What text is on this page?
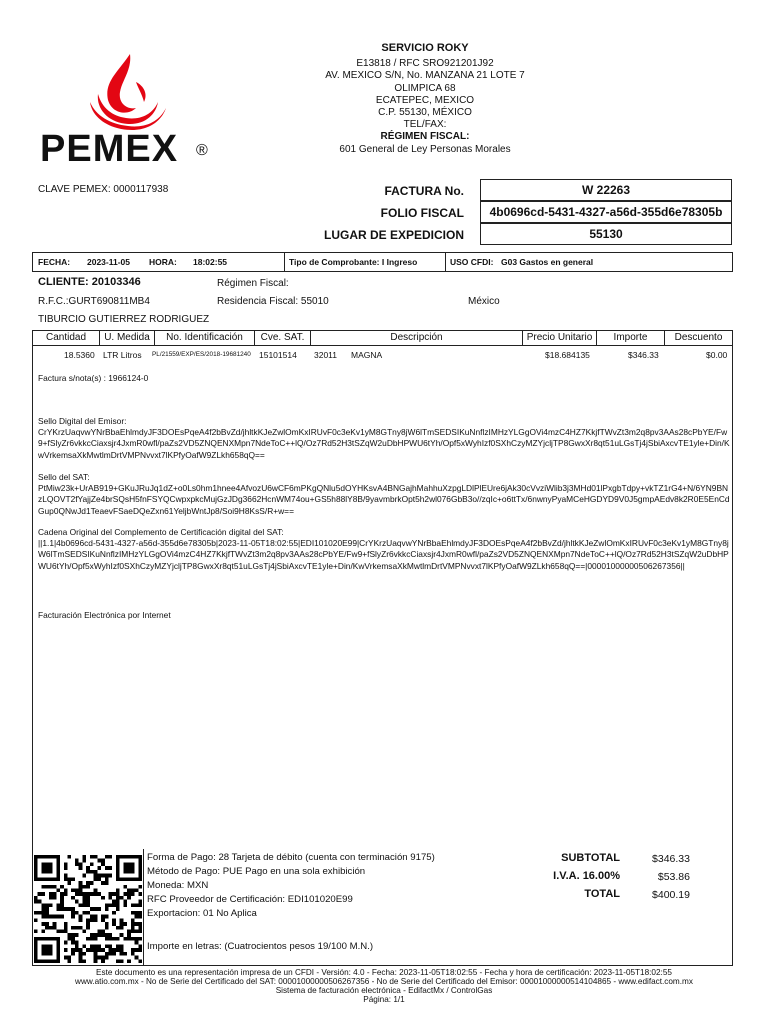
PEMEX ®
SERVICIO ROKY
E13818 / RFC SRO921201J92
AV. MEXICO S/N, No. MANZANA 21 LOTE 7
OLIMPICA 68
ECATEPEC, MEXICO
C.P. 55130, MÉXICO
TEL/FAX:
RÉGIMEN FISCAL:
601 General de Ley Personas Morales
CLAVE PEMEX: 0000117938	FACTURA No.	W 22263
FOLIO FISCAL	4b0696cd-5431-4327-a56d-355d6e78305b
LUGAR DE EXPEDICION	55130
FECHA: 2023-11-05 HORA: 18:02:55	Tipo de Comprobante: I Ingreso	USO CFDI: G03 Gastos en general
CLIENTE: 20103346	Régimen Fiscal:
R.F.C.:GURT690811MB4	Residencia Fiscal: 55010	México
TIBURCIO GUTIERREZ RODRIGUEZ
Cantidad	U. Medida	No. Identificación	Cve. SAT.	Descripción	Precio Unitario	Importe	Descuento
18.5360 LTR Litros PL/21559/EXP/ES/2018-19681240 15101514 32011 MAGNA	$18.684135	$346.33	$0.00
Factura s/nota(s) : 1966124-0
Sello Digital del Emisor:
CrYKrzUaqvwYNrBbaEhlmdyJF3DOEsPqeA4f2bBvZd/jhltkKJeZwlOmKxIRUvF0c3eKv1yM8GTny8jW6lTmSEDSIKuNnflzIMHzYLGgOVi4mzC4HZ7KkjfTWvZt3m2q8pv3AAs28cPbYE/Fw9+fSlyZr6vkkcCiaxsjr4JxmR0wfl/paZs2VD5ZNQENXMpn7NdeToC++lQ/Oz7Rd52H3tSZqW2uDbHPWU6tYh/Opf5xWyhIzf0SXhCzyMZYjcljTP8GwxXr8qt51uLGsTj4jSbiAxcvTE1yle+Din/KwVrkemsaXkMwtlmDrtVMPNvvxt7lKPfyOafW9ZLkh658qQ==
Sello del SAT:
PtMiw23k+UrAB919+GKuJRuJq1dZ+o0Ls0hm1hnee4AfvozU6wCF6mPKgQNlu5dOYHKsvA4BNGajhMahhuXzpgLDlPlEUre6jAk30cVvziWlib3j3MHd01lPxgbTdpy+vkTZ1rG4+N/6YN9BNzLQOVT2fYajjZe4brSQsH5fnFSYQCwpxpkcMujGzJDg3662HcnWM74ou+GS5h88lY8B/9yavmbrkOpt5h2wl076GbB3o//zqIc+o6ttTx/6nwnyPyaMCeHGDYD9V0J5gmpAEdv8k2R0E5EnCdGup0QNwJd1TeaevFSaeDQeZxn61YeljbWntJp8/Soi9H8KsS/R+w==
Cadena Original del Complemento de Certificación digital del SAT:
||1.1|4b0696cd-5431-4327-a56d-355d6e78305b|2023-11-05T18:02:55|EDI101020E99|CrYKrzUaqvwYNrBbaEhlmdyJF3DOEsPqeA4f2bBvZd/jhltkKJeZwlOmKxIRUvF0c3eKv1yM8GTny8jW6lTmSEDSIKuNnflzIMHzYLGgOVi4mzC4HZ7KkjfTWvZt3m2q8pv3AAs28cPbYE/Fw9+fSlyZr6vkkcCiaxsjr4JxmR0wfl/paZs2VD5ZNQENXMpn7NdeToC++lQ/Oz7Rd52H3tSZqW2uDbHPWU6tYh/Opf5xWyhIzf0SXhCzyMZYjcljTP8GwxXr8qt51uLGsTj4jSbiAxcvTE1yle+Din/KwVrkemsaXkMwtlmDrtVMPNvvxt7lKPfyOafW9ZLkh658qQ==|00001000000506267356||
Facturación Electrónica por Internet
Forma de Pago: 28 Tarjeta de débito (cuenta con terminación 9175)
Método de Pago: PUE Pago en una sola exhibición
Moneda: MXN
RFC Proveedor de Certificación: EDI101020E99
Exportacion: 01 No Aplica
Importe en letras: (Cuatrocientos pesos 19/100 M.N.)
SUBTOTAL	$346.33
I.V.A. 16.00%	$53.86
TOTAL	$400.19
Este documento es una representación impresa de un CFDI - Versión: 4.0 - Fecha: 2023-11-05T18:02:55 - Fecha y hora de certificación: 2023-11-05T18:02:55
www.atio.com.mx - No de Serie del Certificado del SAT: 00001000000506267356 - No de Serie del Certificado del Emisor: 00001000000514104865 - www.edifact.com.mx
Sistema de facturación electrónica - EdifactMx / ControlGas
Página: 1/1
